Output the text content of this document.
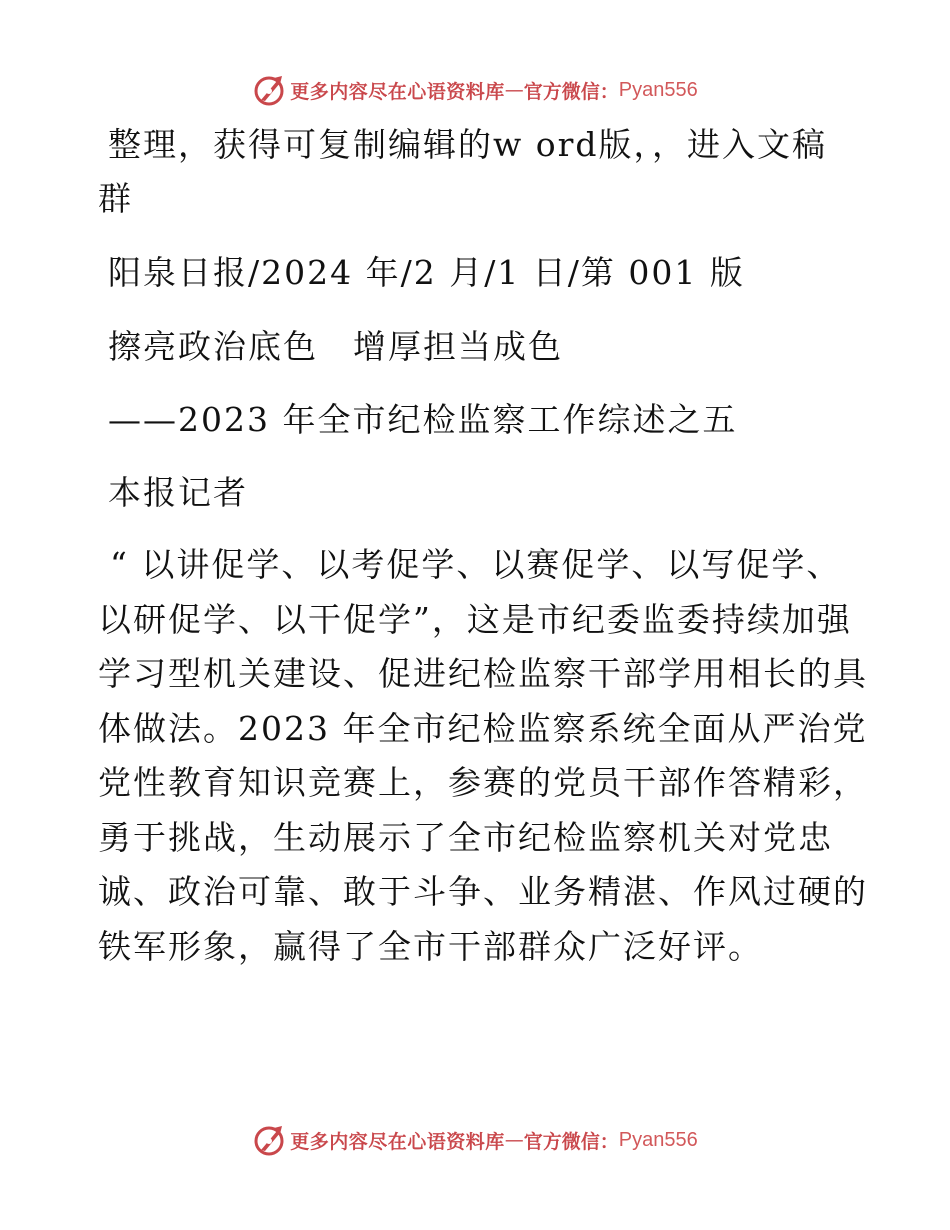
更多内容尽在心语资料库 — 官方微信： Pyan556

整理，获得可复制编辑的w ord版，，进入文稿

群

阳泉日报/2024 年/2 月/1 日/第 001 版

擦亮政治底色　增厚担当成色

——2023 年全市纪检监察工作综述之五

本报记者

“ 以讲促学、以考促学、以赛促学、以写促学、
以研促学、以干促学”，这是市纪委监委持续加强
学习型机关建设、促进纪检监察干部学用相长的具
体做法。2023 年全市纪检监察系统全面从严治党
党性教育知识竞赛上，参赛的党员干部作答精彩，
勇于挑战，生动展示了全市纪检监察机关对党忠
诚、政治可靠、敢于斗争、业务精湛、作风过硬的
铁军形象，赢得了全市干部群众广泛好评。

更多内容尽在心语资料库 — 官方微信： Pyan556
